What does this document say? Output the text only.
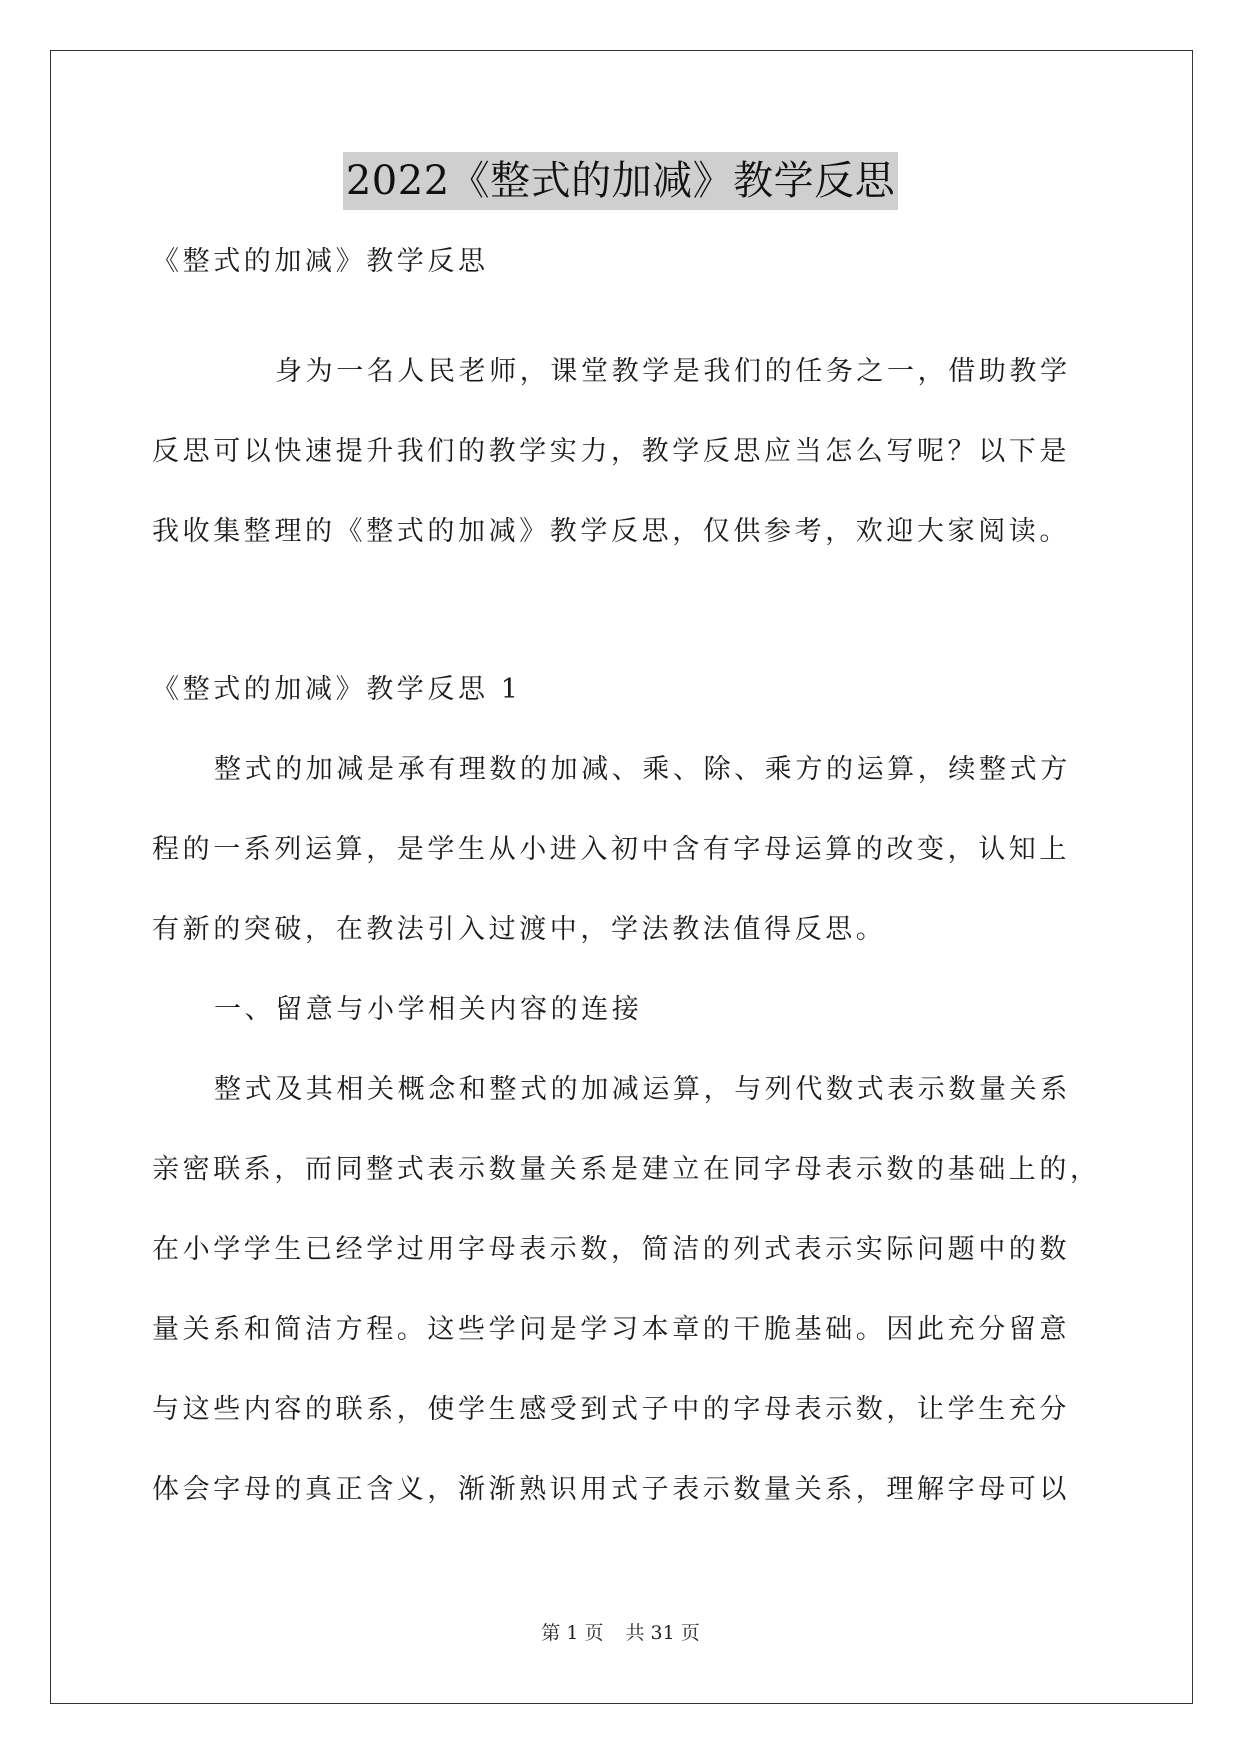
2022《整式的加减》教学反思
《整式的加减》教学反思
身为一名人民老师，课堂教学是我们的任务之一，借助教学
反思可以快速提升我们的教学实力，教学反思应当怎么写呢？以下是
我收集整理的《整式的加减》教学反思，仅供参考，欢迎大家阅读。
《整式的加减》教学反思 1
整式的加减是承有理数的加减、乘、除、乘方的运算，续整式方
程的一系列运算，是学生从小进入初中含有字母运算的改变，认知上
有新的突破，在教法引入过渡中，学法教法值得反思。
一、留意与小学相关内容的连接
整式及其相关概念和整式的加减运算，与列代数式表示数量关系
亲密联系，而同整式表示数量关系是建立在同字母表示数的基础上的，
在小学学生已经学过用字母表示数，简洁的列式表示实际问题中的数
量关系和简洁方程。这些学问是学习本章的干脆基础。因此充分留意
与这些内容的联系，使学生感受到式子中的字母表示数，让学生充分
体会字母的真正含义，渐渐熟识用式子表示数量关系，理解字母可以
第 1 页 共 31 页
